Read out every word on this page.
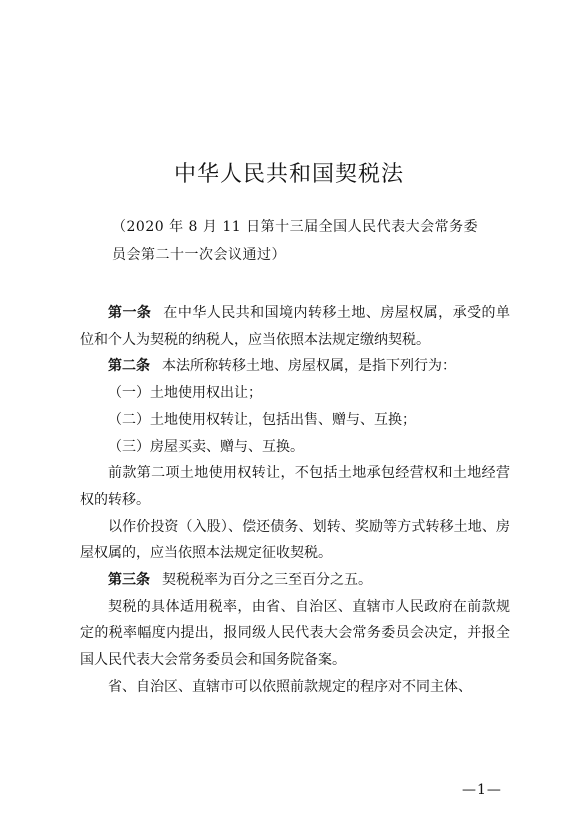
中华人民共和国契税法
（2020 年 8 月 11 日第十三届全国人民代表大会常务委员会第二十一次会议通过）

第一条 在中华人民共和国境内转移土地、房屋权属，承受的单位和个人为契税的纳税人，应当依照本法规定缴纳契税。

第二条 本法所称转移土地、房屋权属，是指下列行为：

（一）土地使用权出让；

（二）土地使用权转让，包括出售、赠与、互换；

（三）房屋买卖、赠与、互换。

前款第二项土地使用权转让，不包括土地承包经营权和土地经营权的转移。

以作价投资（入股）、偿还债务、划转、奖励等方式转移土地、房屋权属的，应当依照本法规定征收契税。

第三条 契税税率为百分之三至百分之五。

契税的具体适用税率，由省、自治区、直辖市人民政府在前款规定的税率幅度内提出，报同级人民代表大会常务委员会决定，并报全国人民代表大会常务委员会和国务院备案。

省、自治区、直辖市可以依照前款规定的程序对不同主体、

—1—
